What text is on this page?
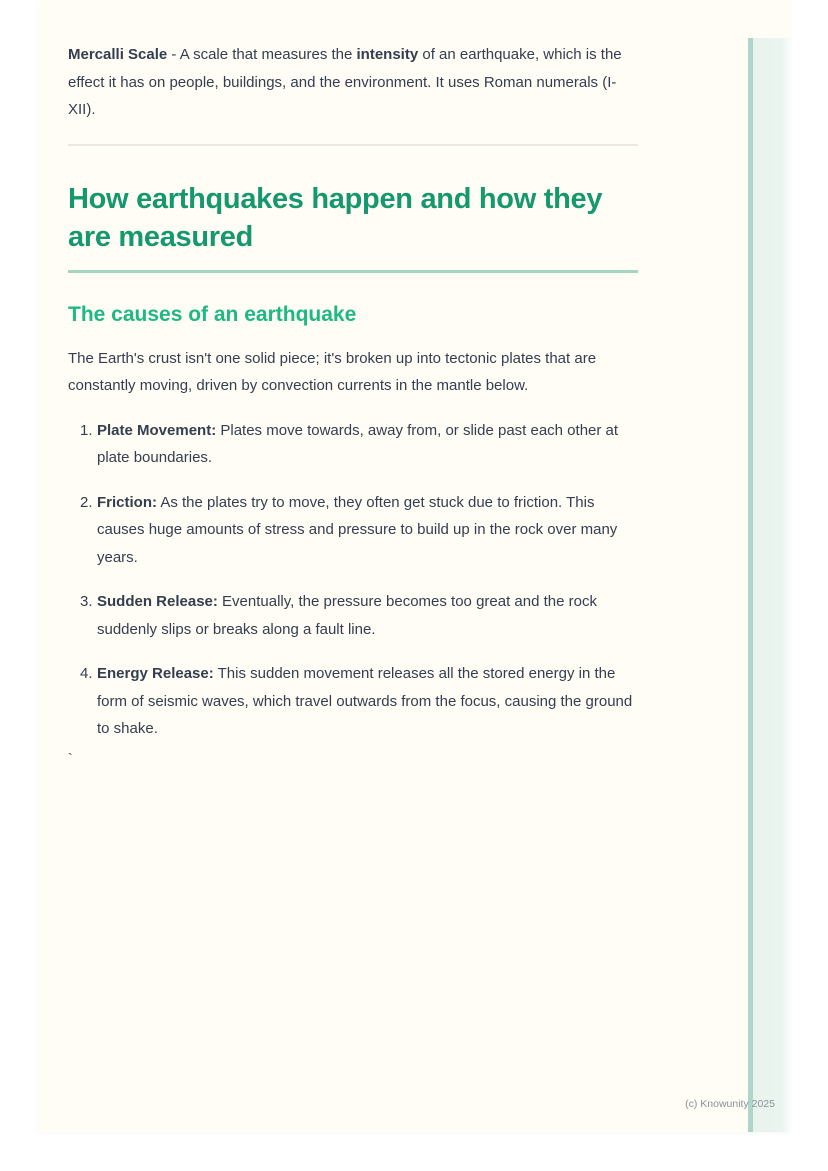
Mercalli Scale - A scale that measures the intensity of an earthquake, which is the effect it has on people, buildings, and the environment. It uses Roman numerals (I-XII).

How earthquakes happen and how they are measured
The causes of an earthquake

The Earth's crust isn't one solid piece; it's broken up into tectonic plates that are constantly moving, driven by convection currents in the mantle below.

1. Plate Movement: Plates move towards, away from, or slide past each other at plate boundaries.
2. Friction: As the plates try to move, they often get stuck due to friction. This causes huge amounts of stress and pressure to build up in the rock over many years.
3. Sudden Release: Eventually, the pressure becomes too great and the rock suddenly slips or breaks along a fault line.
4. Energy Release: This sudden movement releases all the stored energy in the form of seismic waves, which travel outwards from the focus, causing the ground to shake.
`
(c) Knowunity 2025
